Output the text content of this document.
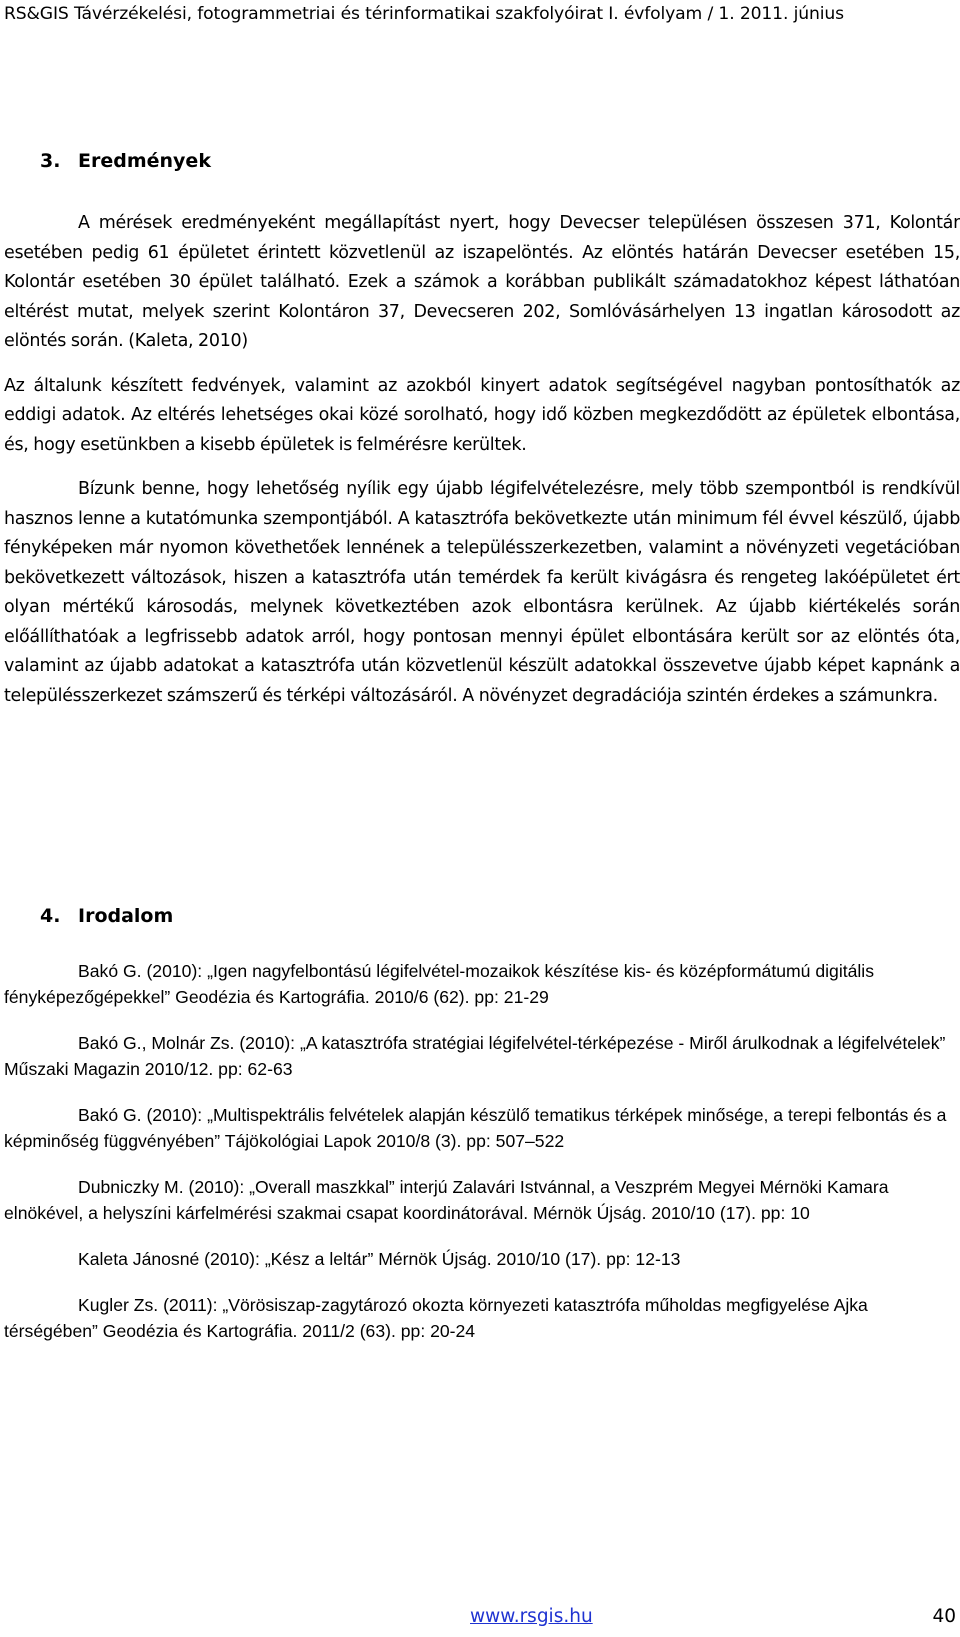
RS&GIS Távérzékelési, fotogrammetriai és térinformatikai szakfolyóirat I. évfolyam / 1. 2011. június
3. Eredmények

A mérések eredményeként megállapítást nyert, hogy Devecser településen összesen 371, Kolontár esetében pedig 61 épületet érintett közvetlenül az iszapelöntés. Az elöntés határán Devecser esetében 15, Kolontár esetében 30 épület található. Ezek a számok a korábban publikált számadatokhoz képest láthatóan eltérést mutat, melyek szerint Kolontáron 37, Devecseren 202, Somlóvásárhelyen 13 ingatlan károsodott az elöntés során. (Kaleta, 2010)

Az általunk készített fedvények, valamint az azokból kinyert adatok segítségével nagyban pontosíthatók az eddigi adatok. Az eltérés lehetséges okai közé sorolható, hogy idő közben megkezdődött az épületek elbontása, és, hogy esetünkben a kisebb épületek is felmérésre kerültek.

Bízunk benne, hogy lehetőség nyílik egy újabb légifelvételezésre, mely több szempontból is rendkívül hasznos lenne a kutatómunka szempontjából. A katasztrófa bekövetkezte után minimum fél évvel készülő, újabb fényképeken már nyomon követhetőek lennének a településszerkezetben, valamint a növényzeti vegetációban bekövetkezett változások, hiszen a katasztrófa után temérdek fa került kivágásra és rengeteg lakóépületet ért olyan mértékű károsodás, melynek következtében azok elbontásra kerülnek. Az újabb kiértékelés során előállíthatóak a legfrissebb adatok arról, hogy pontosan mennyi épület elbontására került sor az elöntés óta, valamint az újabb adatokat a katasztrófa után közvetlenül készült adatokkal összevetve újabb képet kapnánk a településszerkezet számszerű és térképi változásáról. A növényzet degradációja szintén érdekes a számunkra.

4. Irodalom

Bakó G. (2010): „Igen nagyfelbontású légifelvétel-mozaikok készítése kis- és középformátumú digitális fényképezőgépekkel” Geodézia és Kartográfia. 2010/6 (62). pp: 21-29

Bakó G., Molnár Zs. (2010): „A katasztrófa stratégiai légifelvétel-térképezése - Miről árulkodnak a légifelvételek” Műszaki Magazin 2010/12. pp: 62-63

Bakó G. (2010): „Multispektrális felvételek alapján készülő tematikus térképek minősége, a terepi felbontás és a képminőség függvényében” Tájökológiai Lapok 2010/8 (3). pp: 507–522

Dubniczky M. (2010): „Overall maszkkal” interjú Zalavári Istvánnal, a Veszprém Megyei Mérnöki Kamara elnökével, a helyszíni kárfelmérési szakmai csapat koordinátorával. Mérnök Újság. 2010/10 (17). pp: 10

Kaleta Jánosné (2010): „Kész a leltár” Mérnök Újság. 2010/10 (17). pp: 12-13

Kugler Zs. (2011): „Vörösiszap-zagytározó okozta környezeti katasztrófa műholdas megfigyelése Ajka térségében” Geodézia és Kartográfia. 2011/2 (63). pp: 20-24

www.rsgis.hu	40
